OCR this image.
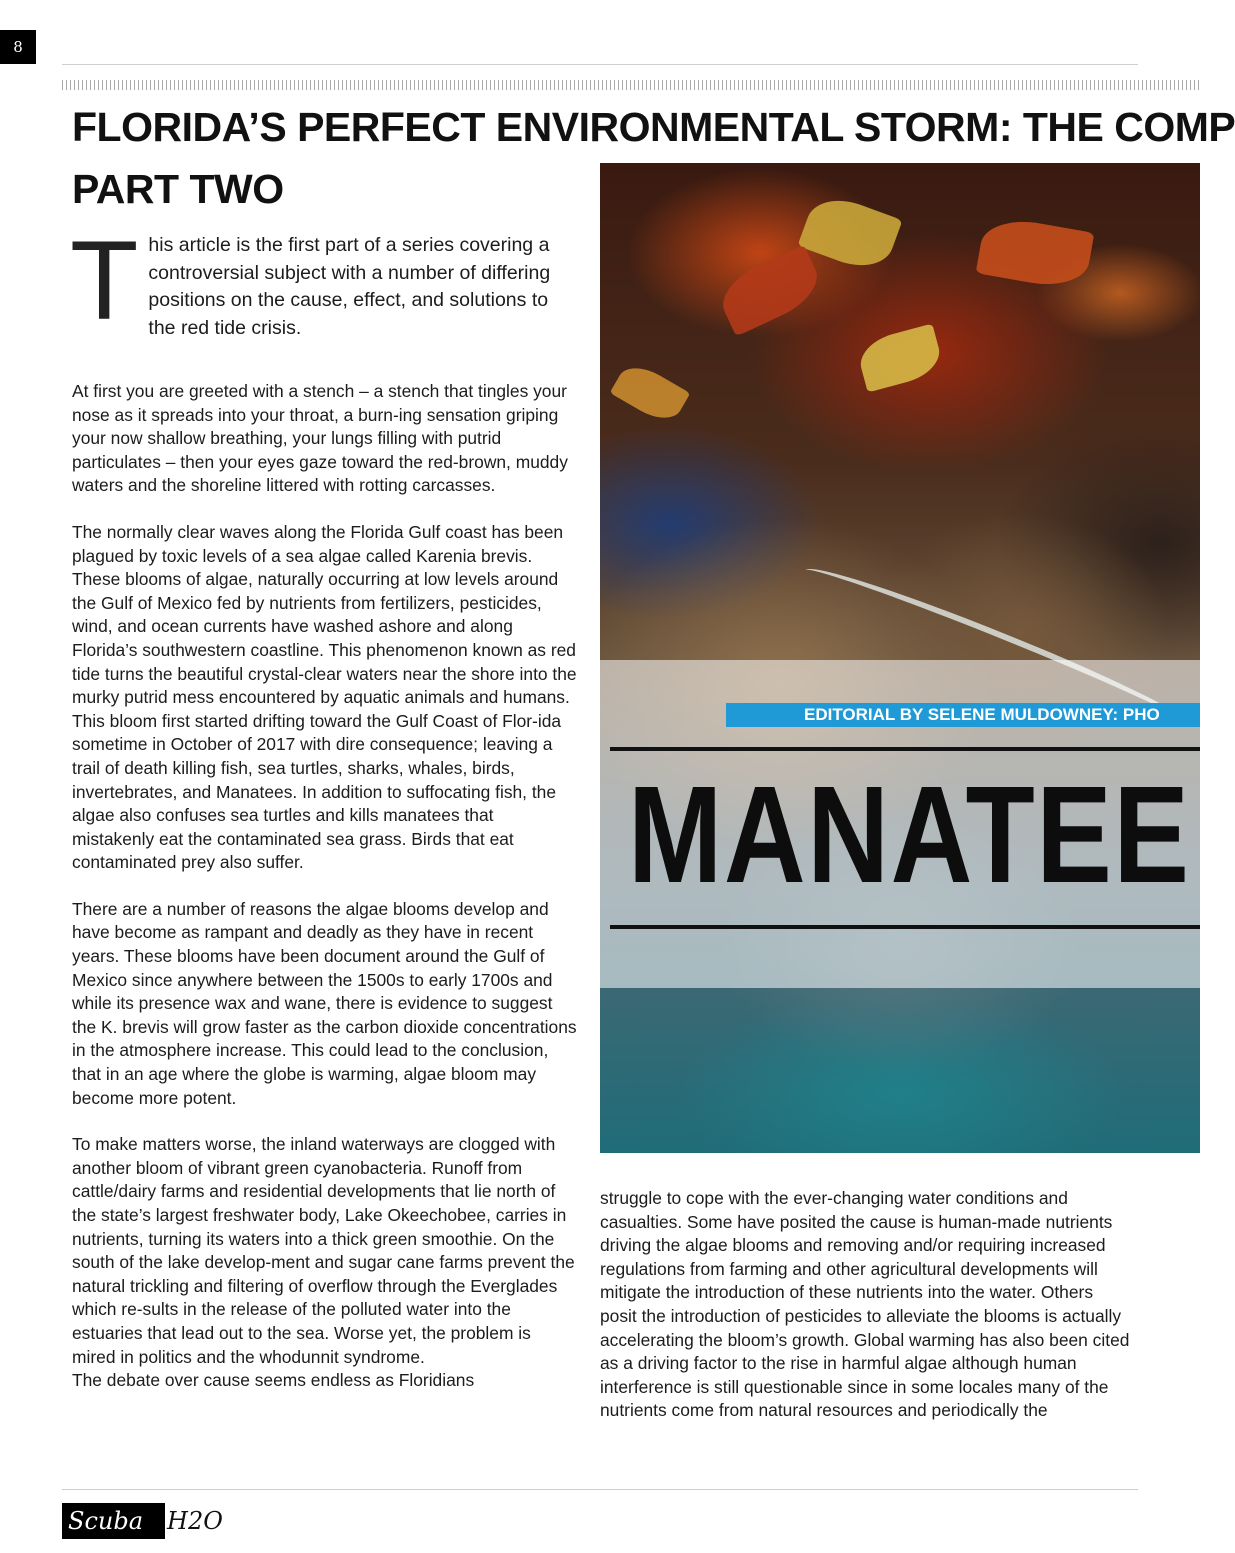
8
FLORIDA’S PERFECT ENVIRONMENTAL STORM: THE COMP
PART TWO
EDITORIAL BY SELENE MULDOWNEY: PHO
MANATEE

This article is the first part of a series covering a controversial subject with a number of differing positions on the cause, effect, and solutions to the red tide crisis.

At first you are greeted with a stench – a stench that tingles your nose as it spreads into your throat, a burn-ing sensation griping your now shallow breathing, your lungs filling with putrid particulates – then your eyes gaze toward the red-brown, muddy waters and the shoreline littered with rotting carcasses.

The normally clear waves along the Florida Gulf coast has been plagued by toxic levels of a sea algae called Karenia brevis. These blooms of algae, naturally occurring at low levels around the Gulf of Mexico fed by nutrients from fertilizers, pesticides, wind, and ocean currents have washed ashore and along Florida’s southwestern coastline. This phenomenon known as red tide turns the beautiful crystal-clear waters near the shore into the murky putrid mess encountered by aquatic animals and humans. This bloom first started drifting toward the Gulf Coast of Flor-ida sometime in October of 2017 with dire consequence; leaving a trail of death killing fish, sea turtles, sharks, whales, birds, invertebrates, and Manatees. In addition to suffocating fish, the algae also confuses sea turtles and kills manatees that mistakenly eat the contaminated sea grass. Birds that eat contaminated prey also suffer.

There are a number of reasons the algae blooms develop and have become as rampant and deadly as they have in recent years. These blooms have been document around the Gulf of Mexico since anywhere between the 1500s to early 1700s and while its presence wax and wane, there is evidence to suggest the K. brevis will grow faster as the carbon dioxide concentrations in the atmosphere increase. This could lead to the conclusion, that in an age where the globe is warming, algae bloom may become more potent.

To make matters worse, the inland waterways are clogged with another bloom of vibrant green cyanobacteria. Runoff from cattle/dairy farms and residential developments that lie north of the state’s largest freshwater body, Lake Okeechobee, carries in nutrients, turning its waters into a thick green smoothie. On the south of the lake develop-ment and sugar cane farms prevent the natural trickling and filtering of overflow through the Everglades which re-sults in the release of the polluted water into the estuaries that lead out to the sea. Worse yet, the problem is mired in politics and the whodunnit syndrome.
The debate over cause seems endless as Floridians

struggle to cope with the ever-changing water conditions and casualties. Some have posited the cause is human-made nutrients driving the algae blooms and removing and/or requiring increased regulations from farming and other agricultural developments will mitigate the introduction of these nutrients into the water. Others posit the introduction of pesticides to alleviate the blooms is actually accelerating the bloom’s growth. Global warming has also been cited as a driving factor to the rise in harmful algae although human interference is still questionable since in some locales many of the
nutrients come from natural resources and periodically the

Scuba	H2O
